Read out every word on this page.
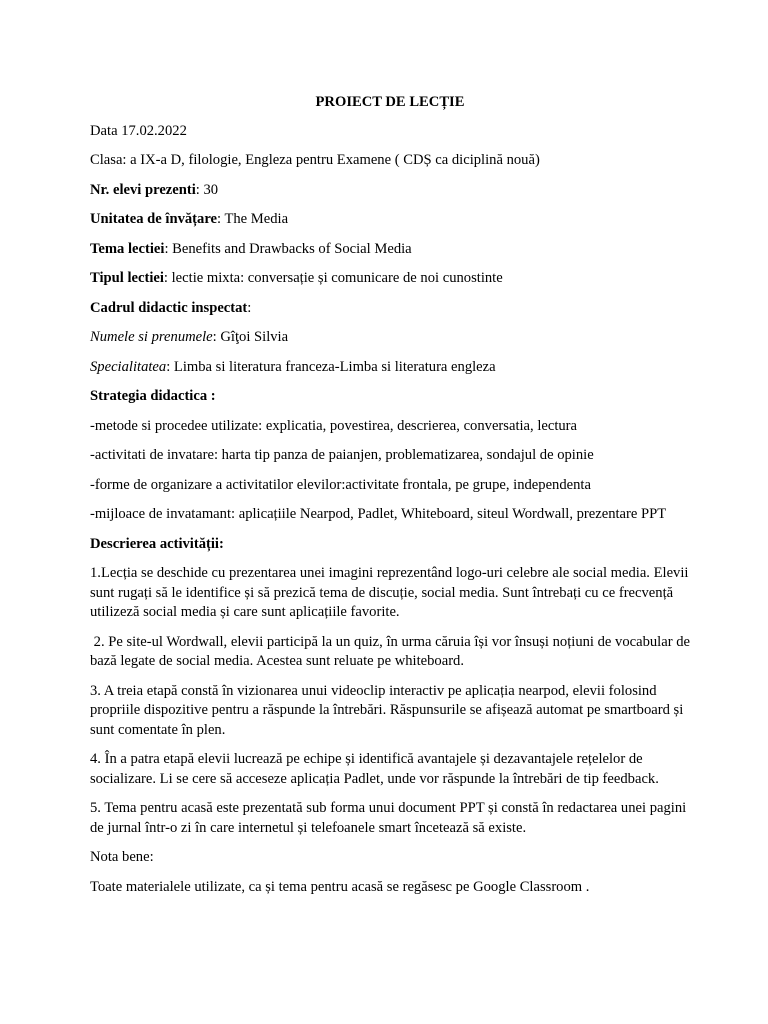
PROIECT DE LECȚIE
Data 17.02.2022
Clasa: a IX-a D, filologie, Engleza pentru Examene ( CDȘ ca diciplină nouă)
Nr. elevi prezenti: 30
Unitatea de învățare: The Media
Tema lectiei: Benefits and Drawbacks of Social Media
Tipul lectiei: lectie mixta: conversație și comunicare de noi cunostinte
Cadrul didactic inspectat:
Numele si prenumele: Gîţoi Silvia
Specialitatea: Limba si literatura franceza-Limba si literatura engleza
Strategia didactica :
-metode si procedee utilizate: explicatia, povestirea, descrierea, conversatia, lectura
-activitati de invatare: harta tip panza de paianjen, problematizarea, sondajul de opinie
-forme de organizare a activitatilor elevilor:activitate frontala, pe grupe, independenta
-mijloace de invatamant: aplicațiile Nearpod, Padlet, Whiteboard, siteul Wordwall, prezentare PPT
Descrierea activității:
1.Lecția se deschide cu prezentarea unei imagini reprezentând logo-uri celebre ale social media. Elevii sunt rugați să le identifice și să prezică tema de discuție, social media. Sunt întrebați cu ce frecvență utilizeză social media și care sunt aplicațiile favorite.
2. Pe site-ul Wordwall, elevii participă la un quiz, în urma căruia își vor însuși noțiuni de vocabular de bază legate de social media. Acestea sunt reluate pe whiteboard.
3. A treia etapă constă în vizionarea unui videoclip interactiv pe aplicația nearpod, elevii folosind propriile dispozitive pentru a răspunde la întrebări. Răspunsurile se afișează automat pe smartboard și sunt comentate în plen.
4. În a patra etapă elevii lucrează pe echipe și identifică avantajele și dezavantajele rețelelor de socializare. Li se cere să acceseze aplicația Padlet, unde vor răspunde la întrebări de tip feedback.
5. Tema pentru acasă este prezentată sub forma unui document PPT și constă în redactarea unei pagini de jurnal într-o zi în care internetul și telefoanele smart încetează să existe.
Nota bene:
Toate materialele utilizate, ca și tema pentru acasă se regăsesc pe Google Classroom .
